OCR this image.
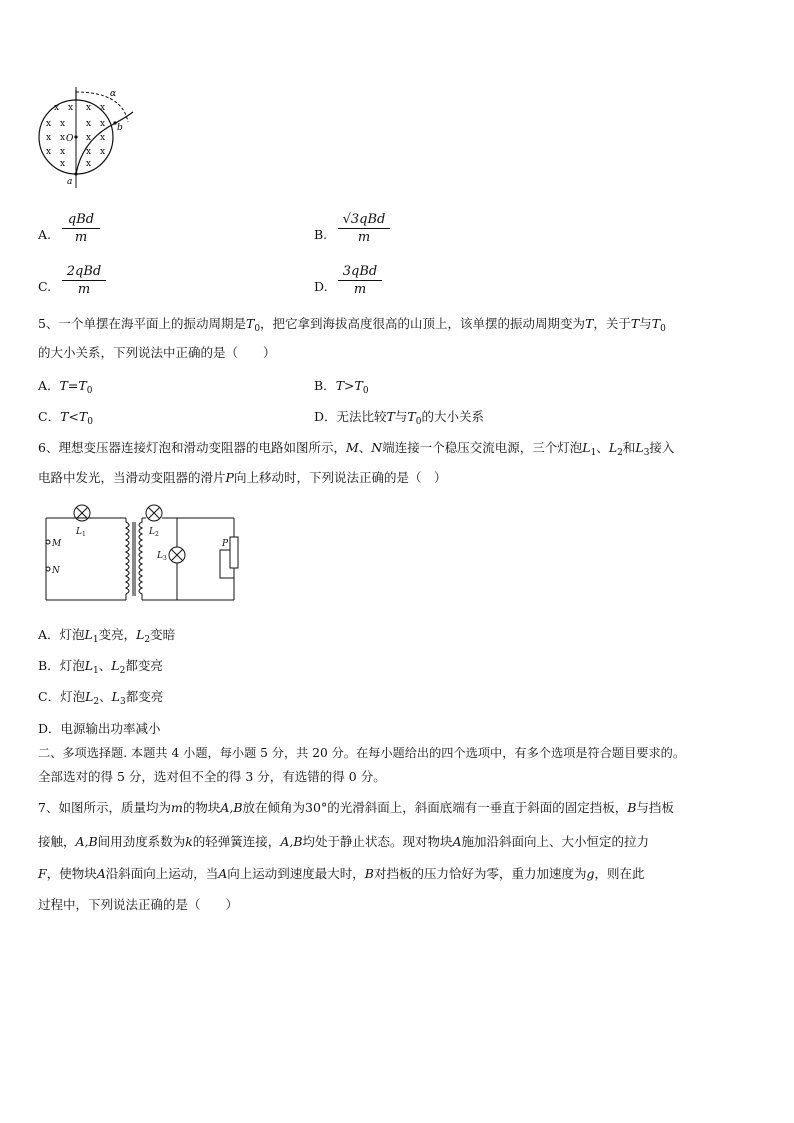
α
b
O
a
x x x x
x x x x
x x x x
x x x x
x x
A.
qBd
m	B.
√3qBd
m
C.
2qBd
m	D.
3qBd
m
5、一个单摆在海平面上的振动周期是$T_0$，把它拿到海拔高度很高的山顶上，该单摆的振动周期变为T，关于T与$T_0$
的大小关系，下列说法中正确的是（　　）
A．$T=T_0$	B．$T>T_0$
C．$T<T_0$	D．无法比较T与$T_0$的大小关系
6、理想变压器连接灯泡和滑动变阻器的电路如图所示，M、N端连接一个稳压交流电源，三个灯泡$L_1$、$L_2$和$L_3$接入
电路中发光，当滑动变阻器的滑片P向上移动时，下列说法正确的是（　）
M
N
L 1	L 2
L 3
P
A．灯泡$L_1$变亮，$L_2$变暗
B．灯泡$L_1$、$L_2$都变亮
C．灯泡$L_2$、$L_3$都变亮
D．电源输出功率减小
二、多项选择题. 本题共 4 小题，每小题 5 分，共 20 分。在每小题给出的四个选项中，有多个选项是符合题目要求的。
全部选对的得 5 分，选对但不全的得 3 分，有选错的得 0 分。
7、如图所示，质量均为m的物块A,B放在倾角为30°的光滑斜面上，斜面底端有一垂直于斜面的固定挡板，B与挡板
接触，A,B间用劲度系数为k的轻弹簧连接，A,B均处于静止状态。现对物块A施加沿斜面向上、大小恒定的拉力
F，使物块A沿斜面向上运动，当A向上运动到速度最大时，B对挡板的压力恰好为零，重力加速度为g，则在此
过程中，下列说法正确的是（　　）
